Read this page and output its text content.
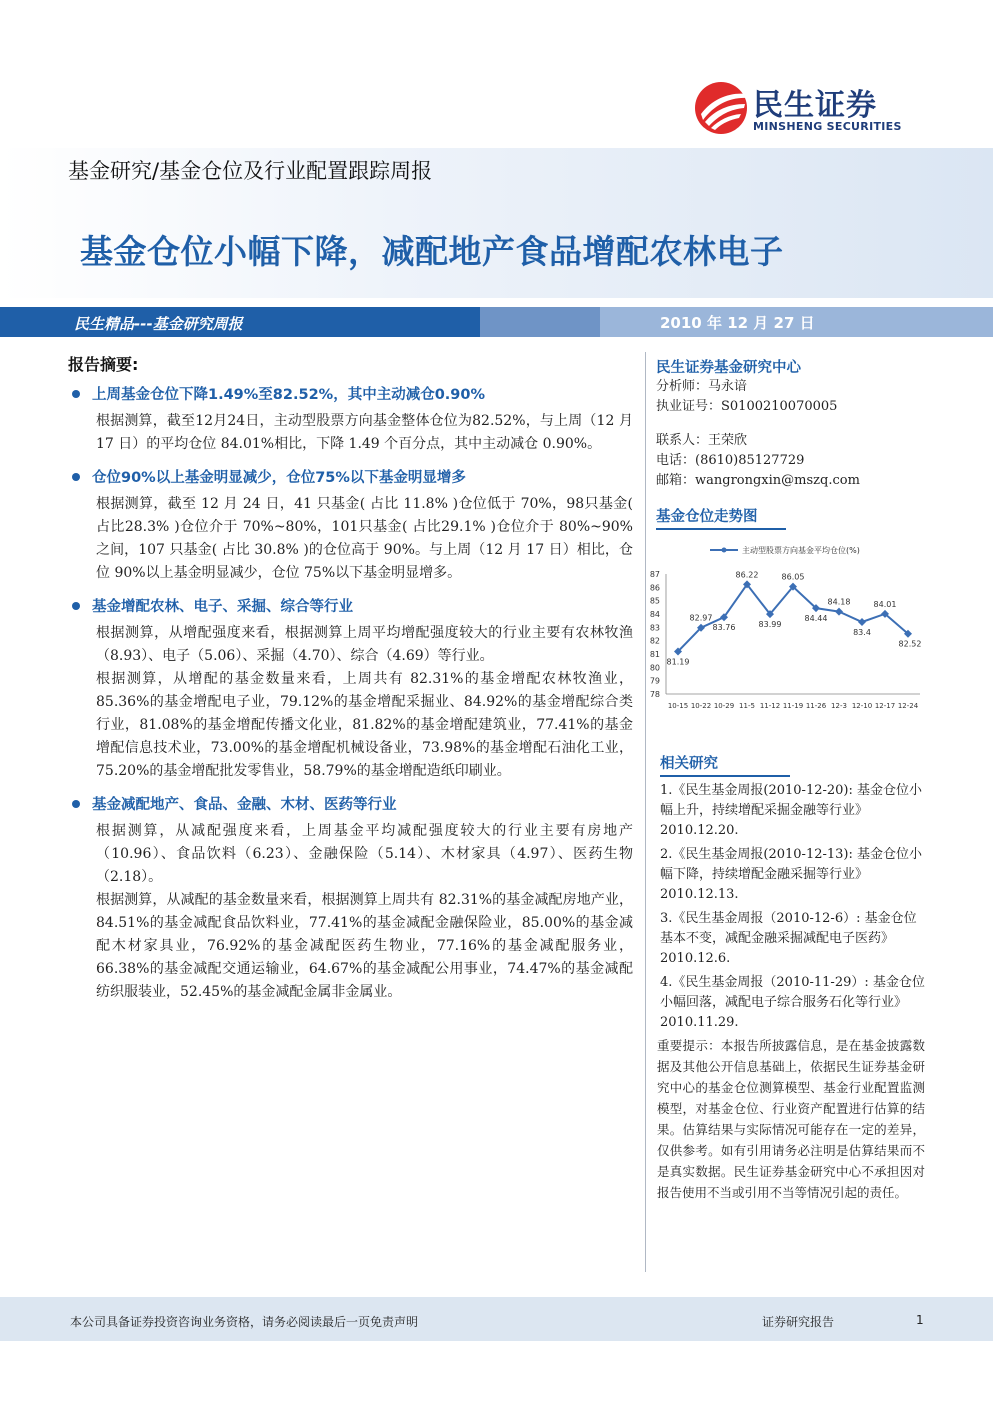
民生证券
MINSHENG SECURITIES
基金研究/基金仓位及行业配置跟踪周报
基金仓位小幅下降，减配地产食品增配农林电子
民生精品---基金研究周报	2010 年 12 月 27 日
报告摘要:
上周基金仓位下降1.49%至82.52%，其中主动减仓0.90%

根据测算，截至12月24日，主动型股票方向基金整体仓位为82.52%，与上周（12 月 17 日）的平均仓位 84.01%相比，下降 1.49 个百分点，其中主动减仓 0.90%。

仓位90%以上基金明显减少，仓位75%以下基金明显增多

根据测算，截至 12 月 24 日，41 只基金( 占比 11.8% )仓位低于 70%，98只基金( 占比28.3% )仓位介于 70%~80%，101只基金( 占比29.1% )仓位介于 80%~90%之间，107 只基金( 占比 30.8% )的仓位高于 90%。与上周（12 月 17 日）相比，仓位 90%以上基金明显减少，仓位 75%以下基金明显增多。

基金增配农林、电子、采掘、综合等行业

根据测算，从增配强度来看，根据测算上周平均增配强度较大的行业主要有农林牧渔（8.93）、电子（5.06）、采掘（4.70）、综合（4.69）等行业。

根据测算，从增配的基金数量来看，上周共有 82.31%的基金增配农林牧渔业，85.36%的基金增配电子业，79.12%的基金增配采掘业、84.92%的基金增配综合类行业，81.08%的基金增配传播文化业，81.82%的基金增配建筑业，77.41%的基金增配信息技术业，73.00%的基金增配机械设备业，73.98%的基金增配石油化工业，75.20%的基金增配批发零售业，58.79%的基金增配造纸印刷业。

基金减配地产、食品、金融、木材、医药等行业

根据测算，从减配强度来看，上周基金平均减配强度较大的行业主要有房地产（10.96）、食品饮料（6.23）、金融保险（5.14）、木材家具（4.97）、医药生物（2.18）。

根据测算，从减配的基金数量来看，根据测算上周共有 82.31%的基金减配房地产业，84.51%的基金减配食品饮料业，77.41%的基金减配金融保险业，85.00%的基金减配木材家具业，76.92%的基金减配医药生物业，77.16%的基金减配服务业，66.38%的基金减配交通运输业，64.67%的基金减配公用事业，74.47%的基金减配纺织服装业，52.45%的基金减配金属非金属业。

民生证券基金研究中心
分析师：马永谙
执业证号：S0100210070005
联系人：王荣欣
电话：(8610)85127729
邮箱：wangrongxin@mszq.com
基金仓位走势图
主动型股票方向基金平均仓位(%)
78
79
80
81
82
83
84
85
86
87
10-15 10-22 10-29 11-5 11-12 11-19 11-26 12-3 12-10 12-17 12-24
81.19
82.97
83.76
86.22
83.99
86.05
84.44
84.18
83.4
84.01
82.52
相关研究
1.《民生基金周报(2010-12-20): 基金仓位小幅上升，持续增配采掘金融等行业》2010.12.20.
2.《民生基金周报(2010-12-13): 基金仓位小幅下降，持续增配金融采掘等行业》2010.12.13.
3.《民生基金周报（2010-12-6）: 基金仓位基本不变，减配金融采掘减配电子医药》2010.12.6.
4.《民生基金周报（2010-11-29）: 基金仓位小幅回落，减配电子综合服务石化等行业》2010.11.29.
重要提示：本报告所披露信息，是在基金披露数据及其他公开信息基础上，依据民生证券基金研究中心的基金仓位测算模型、基金行业配置监测模型，对基金仓位、行业资产配置进行估算的结果。估算结果与实际情况可能存在一定的差异，仅供参考。如有引用请务必注明是估算结果而不是真实数据。民生证券基金研究中心不承担因对报告使用不当或引用不当等情况引起的责任。
本公司具备证券投资咨询业务资格，请务必阅读最后一页免责声明	证券研究报告	1
